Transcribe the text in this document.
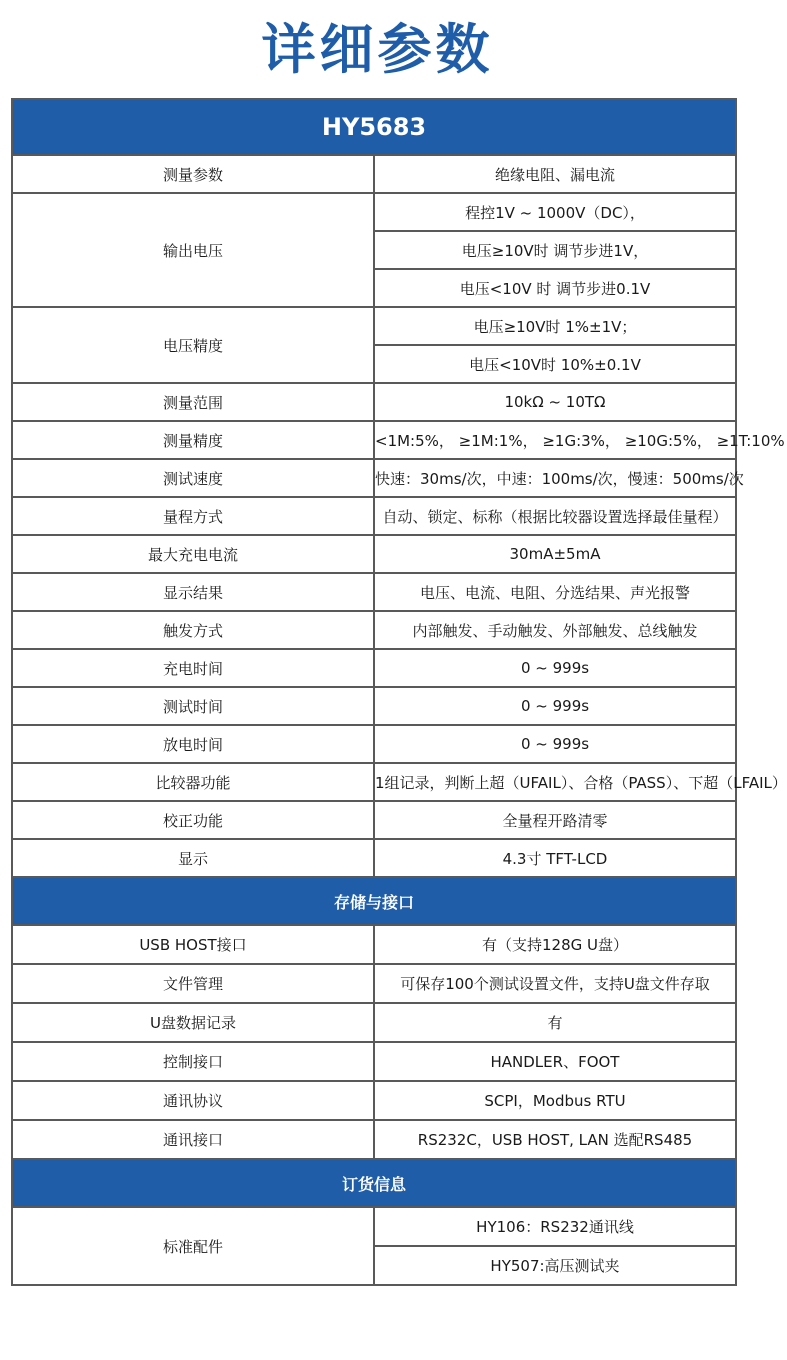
详细参数
HY5683	
测量参数	绝缘电阻、漏电流
输出电压	程控1V ~ 1000V（DC），
	电压≥10V时 调节步进1V，
	电压<10V 时 调节步进0.1V
电压精度	电压≥10V时 1%±1V；
	电压<10V时 10%±0.1V
测量范围	10kΩ ~ 10TΩ
测量精度	<1M:5%， ≥1M:1%， ≥1G:3%， ≥10G:5%， ≥1T:10%
测试速度	快速：30ms/次，中速：100ms/次，慢速：500ms/次
量程方式	自动、锁定、标称（根据比较器设置选择最佳量程）
最大充电电流	30mA±5mA
显示结果	电压、电流、电阻、分选结果、声光报警
触发方式	内部触发、手动触发、外部触发、总线触发
充电时间	0 ~ 999s
测试时间	0 ~ 999s
放电时间	0 ~ 999s
比较器功能	1组记录，判断上超（UFAIL）、合格（PASS）、下超（LFAIL）
校正功能	全量程开路清零
显示	4.3寸 TFT-LCD
存储与接口	
USB HOST接口	有（支持128G U盘）
文件管理	可保存100个测试设置文件，支持U盘文件存取
U盘数据记录	有
控制接口	HANDLER、FOOT
通讯协议	SCPI，Modbus RTU
通讯接口	RS232C，USB HOST, LAN 选配RS485
订货信息	
标准配件	HY106：RS232通讯线
	HY507:高压测试夹
